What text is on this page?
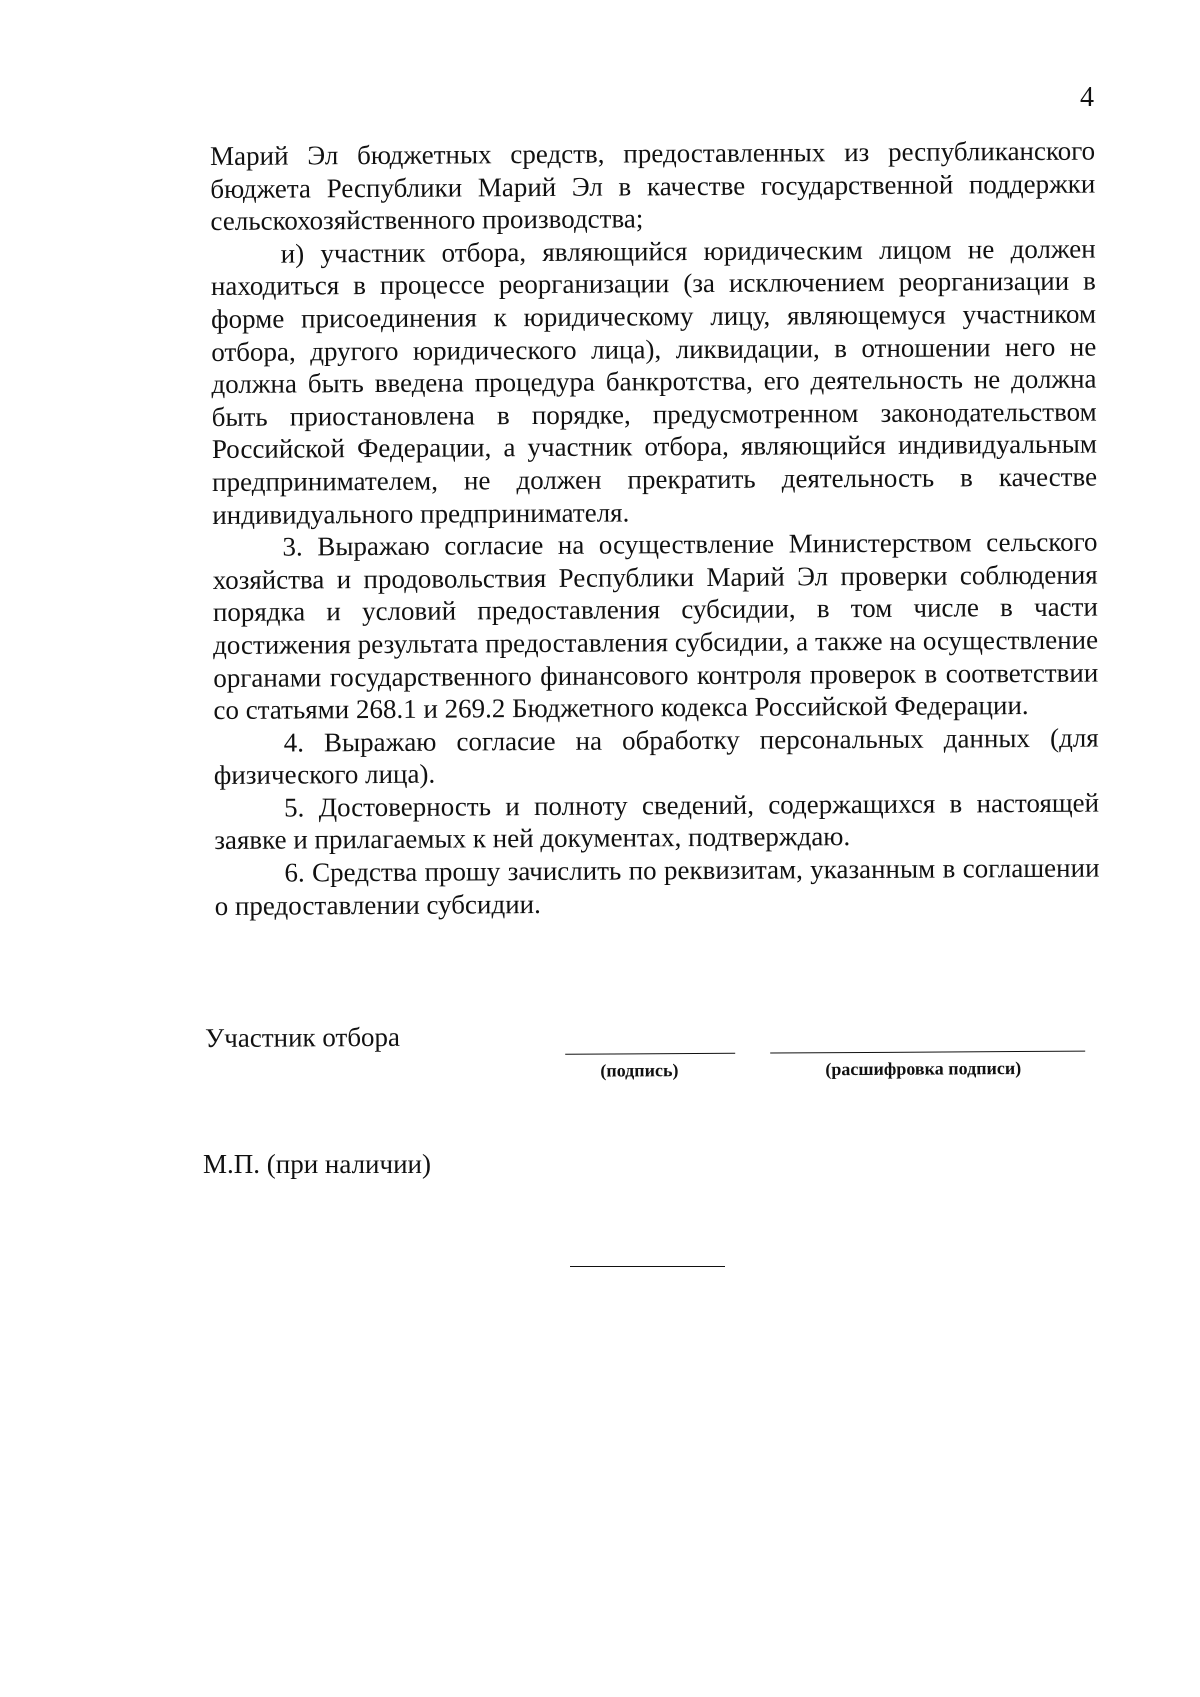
4

Марий Эл бюджетных средств, предоставленных из республиканского бюджета Республики Марий Эл в качестве государственной поддержки сельскохозяйственного производства;

и) участник отбора, являющийся юридическим лицом не должен находиться в процессе реорганизации (за исключением реорганизации в форме присоединения к юридическому лицу, являющемуся участником отбора, другого юридического лица), ликвидации, в отношении него не должна быть введена процедура банкротства, его деятельность не должна быть приостановлена в порядке, предусмотренном законодательством Российской Федерации, а участник отбора, являющийся индивидуальным предпринимателем, не должен прекратить деятельность в качестве индивидуального предпринимателя.

3. Выражаю согласие на осуществление Министерством сельского хозяйства и продовольствия Республики Марий Эл проверки соблюдения порядка и условий предоставления субсидии, в том числе в части достижения результата предоставления субсидии, а также на осуществление органами государственного финансового контроля проверок в соответствии со статьями 268.1 и 269.2 Бюджетного кодекса Российской Федерации.

4. Выражаю согласие на обработку персональных данных (для физического лица).

5. Достоверность и полноту сведений, содержащихся в настоящей заявке и прилагаемых к ней документах, подтверждаю.

6. Средства прошу зачислить по реквизитам, указанным в соглашении о предоставлении субсидии.

Участник отбора
(подпись)	(расшифровка подписи)
М.П. (при наличии)
